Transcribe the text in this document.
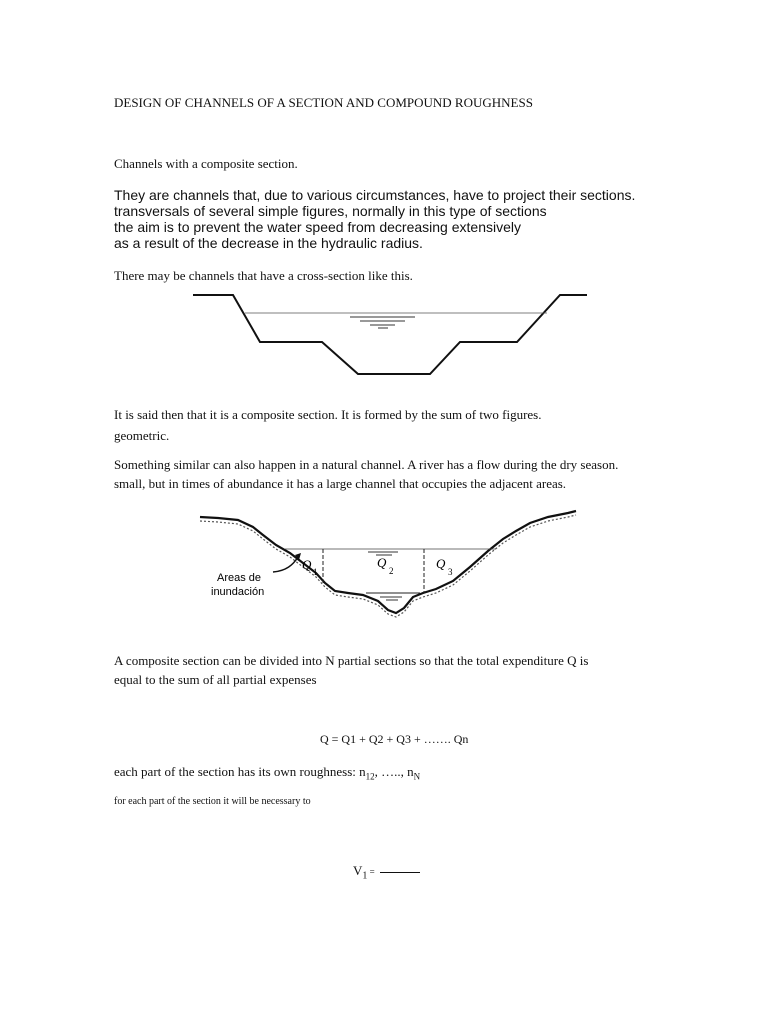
DESIGN OF CHANNELS OF A SECTION AND COMPOUND ROUGHNESS
Channels with a composite section.
They are channels that, due to various circumstances, have to project their sections.
transversals of several simple figures, normally in this type of sections
the aim is to prevent the water speed from decreasing extensively
as a result of the decrease in the hydraulic radius.
There may be channels that have a cross-section like this.
It is said then that it is a composite section. It is formed by the sum of two figures.
geometric.
Something similar can also happen in a natural channel. A river has a flow during the dry season.
small, but in times of abundance it has a large channel that occupies the adjacent areas.
Areas de
inundación
Q 1
Q
2	Q
3
A composite section can be divided into N partial sections so that the total expenditure Q is
equal to the sum of all partial expenses
Q = Q1 + Q2 + Q3 + ……. Qn
each part of the section has its own roughness: $n_{12}$, ….., $n_N$
for each part of the section it will be necessary to
$V_1$ =
